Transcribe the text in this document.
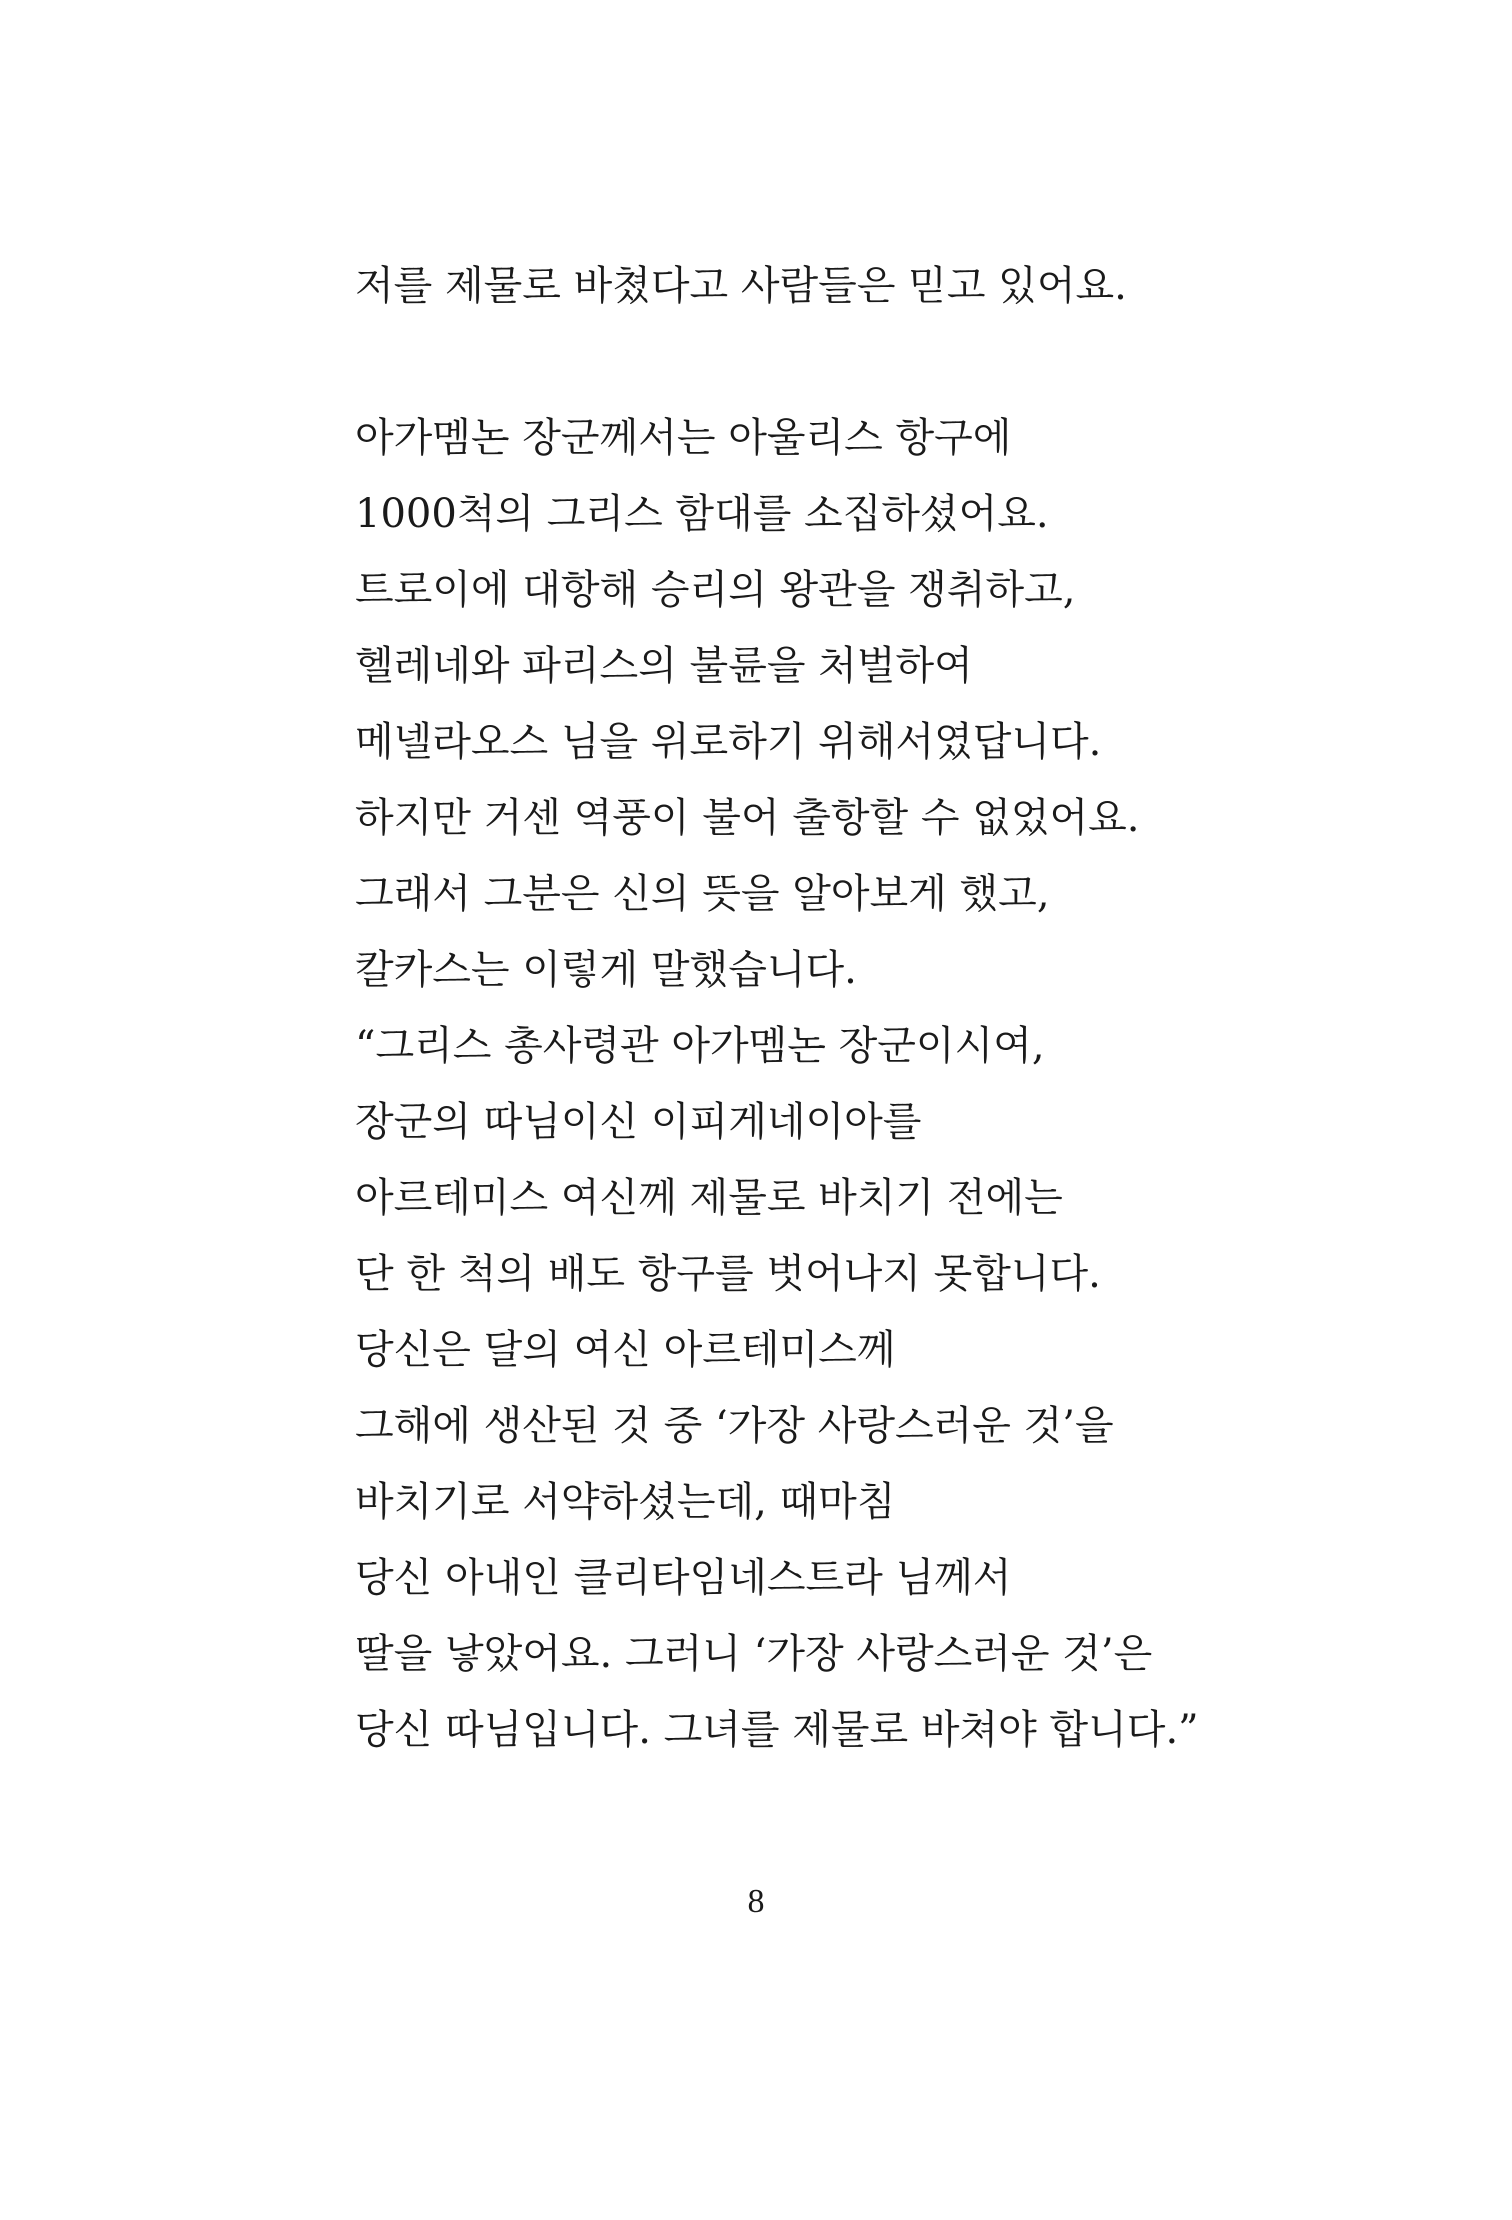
저를 제물로 바쳤다고 사람들은 믿고 있어요.
아가멤논 장군께서는 아울리스 항구에
1000척의 그리스 함대를 소집하셨어요.
트로이에 대항해 승리의 왕관을 쟁취하고,
헬레네와 파리스의 불륜을 처벌하여
메넬라오스 님을 위로하기 위해서였답니다.
하지만 거센 역풍이 불어 출항할 수 없었어요.
그래서 그분은 신의 뜻을 알아보게 했고,
칼카스는 이렇게 말했습니다.
“그리스 총사령관 아가멤논 장군이시여,
장군의 따님이신 이피게네이아를
아르테미스 여신께 제물로 바치기 전에는
단 한 척의 배도 항구를 벗어나지 못합니다.
당신은 달의 여신 아르테미스께
그해에 생산된 것 중 ‘가장 사랑스러운 것’을
바치기로 서약하셨는데, 때마침
당신 아내인 클리타임네스트라 님께서
딸을 낳았어요. 그러니 ‘가장 사랑스러운 것’은
당신 따님입니다. 그녀를 제물로 바쳐야 합니다.”
8
